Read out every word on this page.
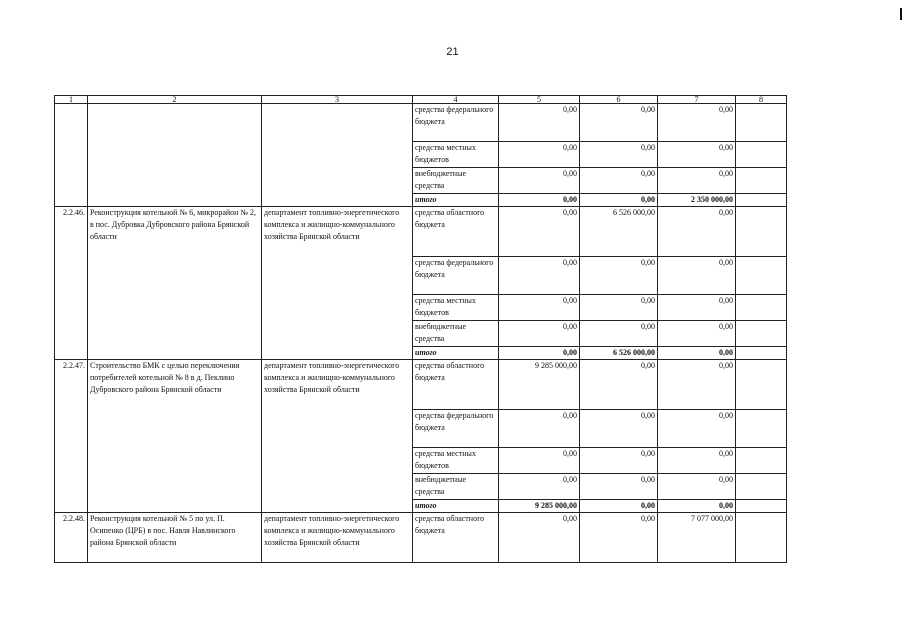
21
1	2	3	4	5	6	7	8
			средства федерального бюджета	0,00	0,00	0,00	
			средства местных бюджетов	0,00	0,00	0,00	
			внебюджетные средства	0,00	0,00	0,00	
			итого	0,00	0,00	2 350 000,00	
2.2.46.	Реконструкция котельной № 6, микрорайон № 2, в пос. Дубровка Дубровского района Брянской области	департамент топливно-энергетического комплекса и жилищно-коммунального хозяйства Брянской области	средства областного бюджета	0,00	6 526 000,00	0,00	
			средства федерального бюджета	0,00	0,00	0,00	
			средства местных бюджетов	0,00	0,00	0,00	
			внебюджетные средства	0,00	0,00	0,00	
			итого	0,00	6 526 000,00	0,00	
2.2.47.	Строительство БМК с целью переключения потребителей котельной № 8 в д. Пеклино Дубровского района Брянской области	департамент топливно-энергетического комплекса и жилищно-коммунального хозяйства Брянской области	средства областного бюджета	9 285 000,00	0,00	0,00	
			средства федерального бюджета	0,00	0,00	0,00	
			средства местных бюджетов	0,00	0,00	0,00	
			внебюджетные средства	0,00	0,00	0,00	
			итого	9 285 000,00	0,00	0,00	
2.2.48.	Реконструкция котельной № 5 по ул. П. Осипенко (ЦРБ) в пос. Навля Навлинского района Брянской области	департамент топливно-энергетического комплекса и жилищно-коммунального хозяйства Брянской области	средства областного бюджета	0,00	0,00	7 077 000,00	
